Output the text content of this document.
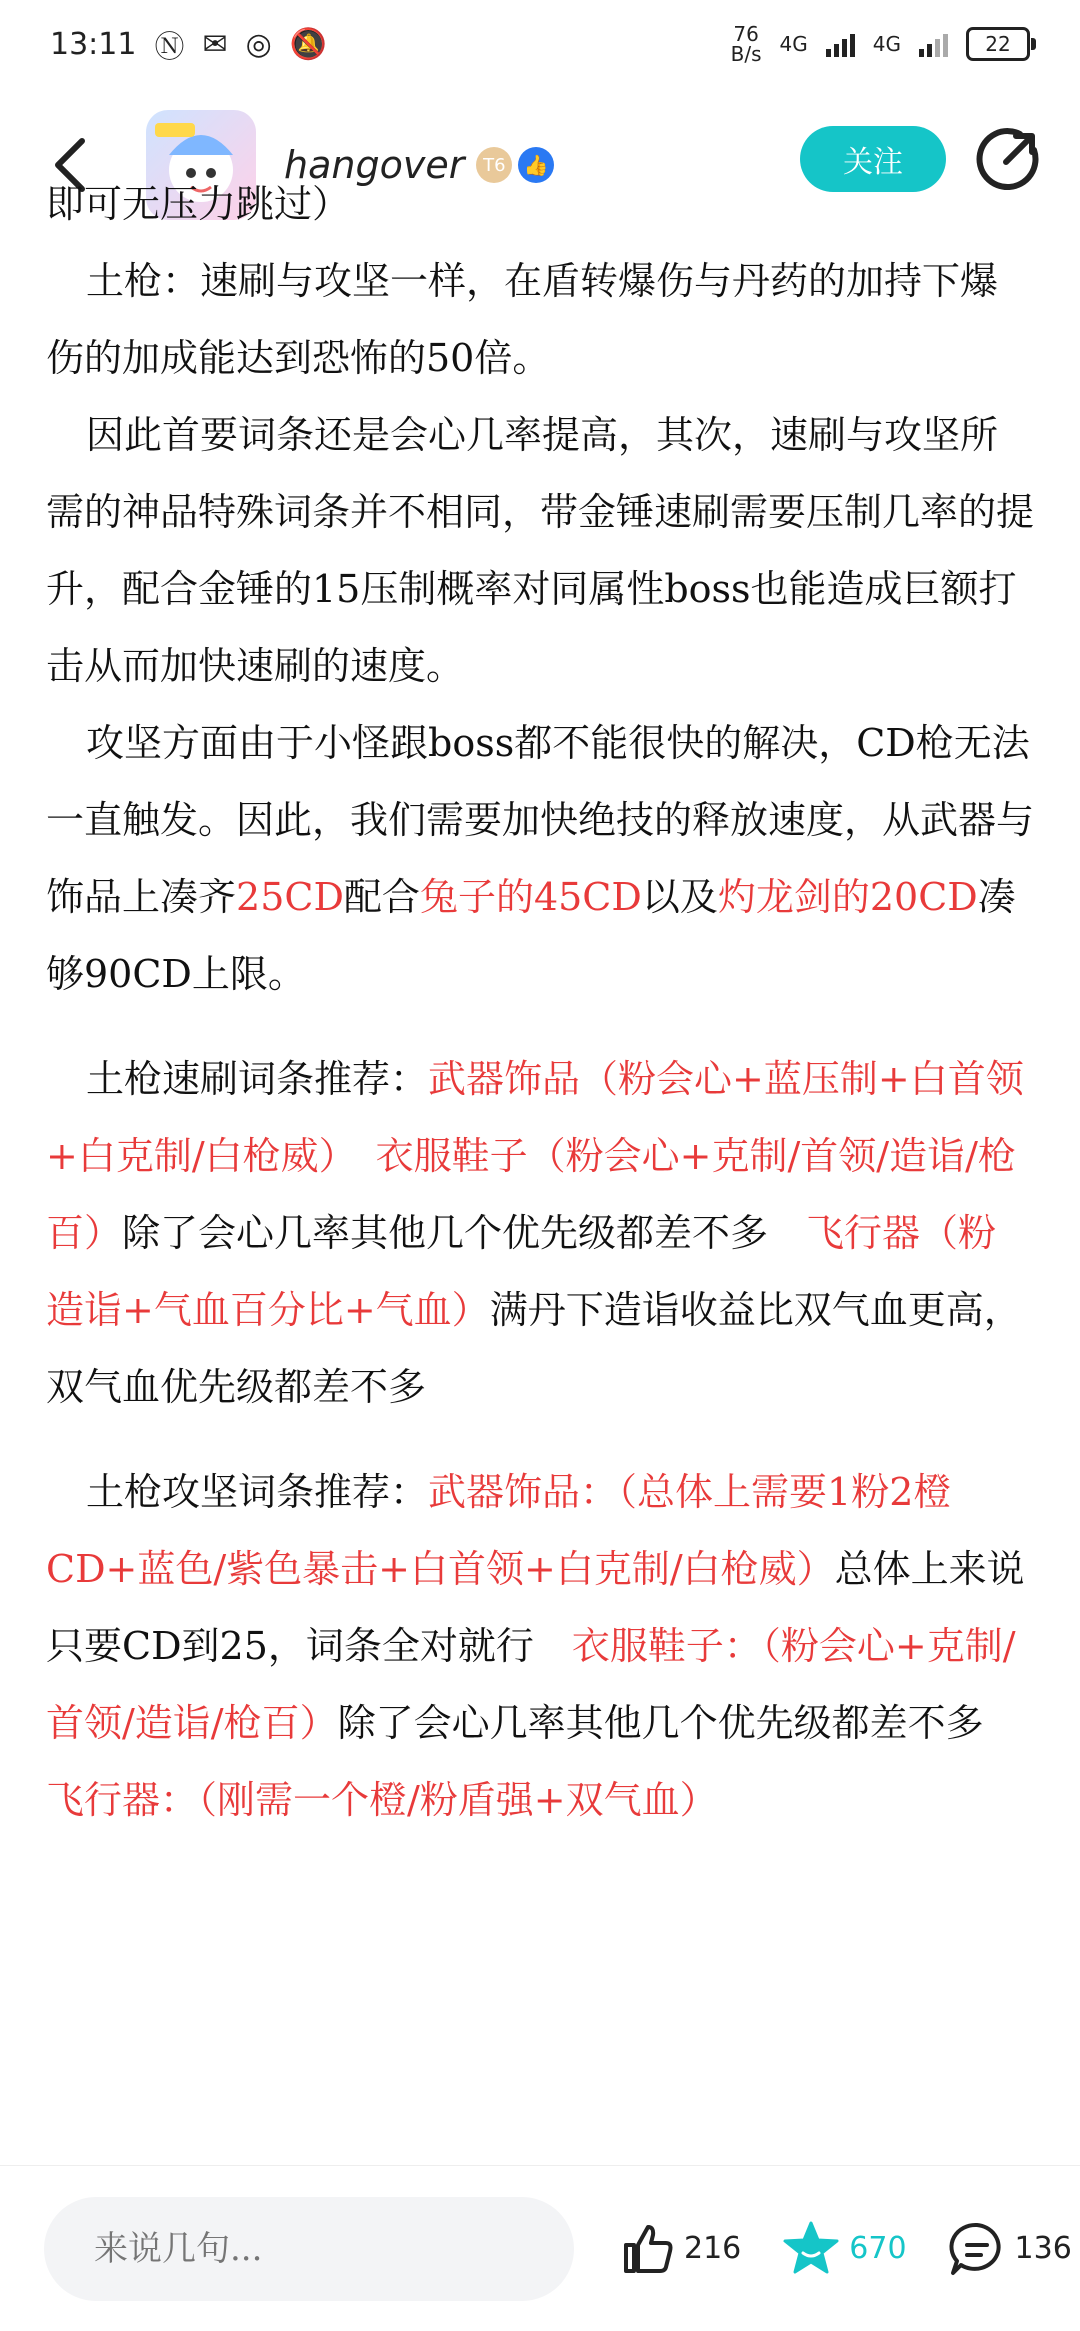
13:11 Ⓝ ✉ ◎ 🔕	76
B/s 4G	4G	22
hangover	T6 👍	关注

即可无压力跳过）

土枪：速刷与攻坚一样，在盾转爆伤与丹药的加持下爆伤的加成能达到恐怖的50倍。

因此首要词条还是会心几率提高，其次，速刷与攻坚所需的神品特殊词条并不相同，带金锤速刷需要压制几率的提升，配合金锤的15压制概率对同属性boss也能造成巨额打击从而加快速刷的速度。

攻坚方面由于小怪跟boss都不能很快的解决，CD枪无法一直触发。因此，我们需要加快绝技的释放速度，从武器与饰品上凑齐25CD配合兔子的45CD以及灼龙剑的20CD凑够90CD上限。

土枪速刷词条推荐：武器饰品（粉会心+蓝压制+白首领+白克制/白枪威）　衣服鞋子（粉会心+克制/首领/造诣/枪百）除了会心几率其他几个优先级都差不多　飞行器（粉造诣+气血百分比+气血）满丹下造诣收益比双气血更高，双气血优先级都差不多

土枪攻坚词条推荐：武器饰品：（总体上需要1粉2橙CD+蓝色/紫色暴击+白首领+白克制/白枪威）总体上来说只要CD到25，词条全对就行　衣服鞋子：（粉会心+克制/首领/造诣/枪百）除了会心几率其他几个优先级都差不多　飞行器：（刚需一个橙/粉盾强+双气血）

来说几句...
216	670	136
